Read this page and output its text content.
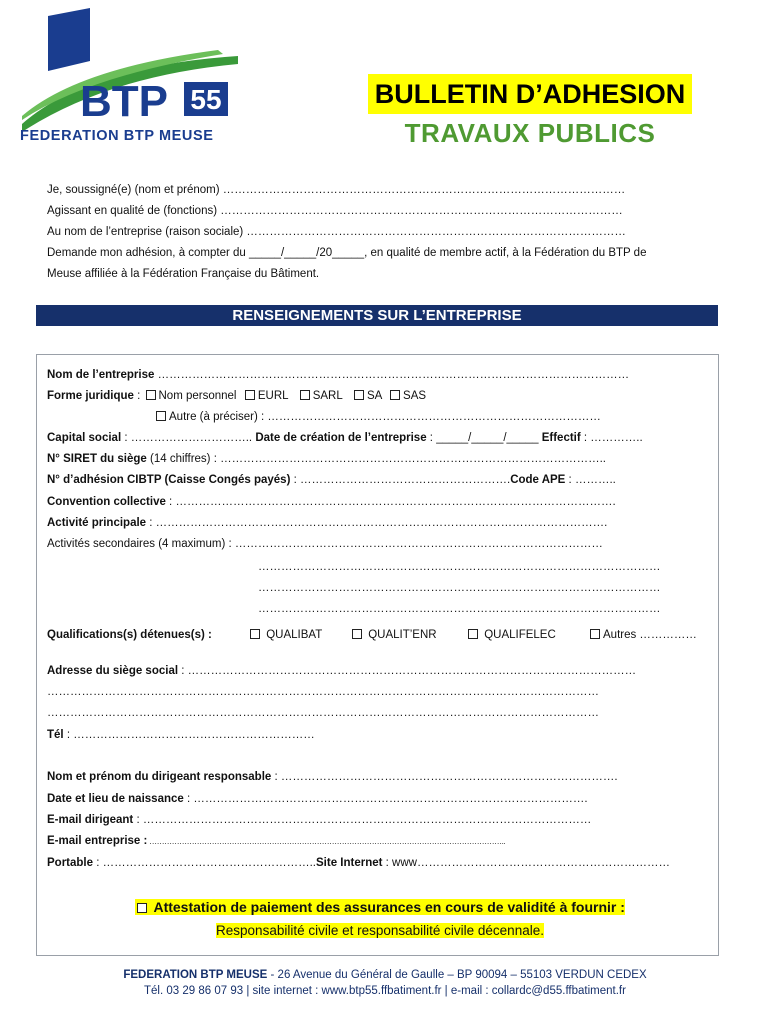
BTP 55
FEDERATION BTP MEUSE
BULLETIN D’ADHESION
TRAVAUX PUBLICS
Je, soussigné(e) (nom et prénom) ……………………………………………………………………………………………
Agissant en qualité de (fonctions) ……………………………………………………………………………………………
Au nom de l’entreprise (raison sociale) ………………………………………………………………………………………
Demande mon adhésion, à compter du _____/_____/20_____, en qualité de membre actif, à la Fédération du BTP de
Meuse affiliée à la Fédération Française du Bâtiment.
RENSEIGNEMENTS SUR L’ENTREPRISE
Nom de l’entreprise ……………………………………………………………………………………………………………
Forme juridique : Nom personnel EURL SARL SA SAS
Autre (à préciser) : ……………………………………………………………………………
Capital social : ………………………….. Date de création de l’entreprise : _____/_____/_____ Effectif : …………..
N° SIRET du siège (14 chiffres) : ………………………………………………………………………………………..
N° d’adhésion CIBTP (Caisse Congés payés) : ……………………………………………….Code APE : ………..
Convention collective : …………………………………………………………………………………………………….
Activité principale : ……………………………………………………………………………………………………….
Activités secondaires (4 maximum) : ……………………………………………………………………………………
……………………………………………………………………………………………
……………………………………………………………………………………………
……………………………………………………………………………………………
Qualifications(s) détenues(s) :	QUALIBAT	QUALIT’ENR	QUALIFELEC	Autres ……………
Adresse du siège social : ………………………………………………………………………………………………………
………………………………………………………………………………………………………………………………
………………………………………………………………………………………………………………………………
Tél : ………………………………………………………
Nom et prénom du dirigeant responsable : …………………………………………………………………………….
Date et lieu de naissance : ………………………………………………………………………………………….
E-mail dirigeant : ………………………………………………………………………………………………………
E-mail entreprise : ……………………………………………………………………………………………………………………………..
Portable : ………………………………………………..Site Internet : www…………………………………………………………
Attestation de paiement des assurances en cours de validité à fournir :
Responsabilité civile et responsabilité civile décennale.
FEDERATION BTP MEUSE - 26 Avenue du Général de Gaulle – BP 90094 – 55103 VERDUN CEDEX
Tél. 03 29 86 07 93 | site internet : www.btp55.ffbatiment.fr | e-mail : collardc@d55.ffbatiment.fr
